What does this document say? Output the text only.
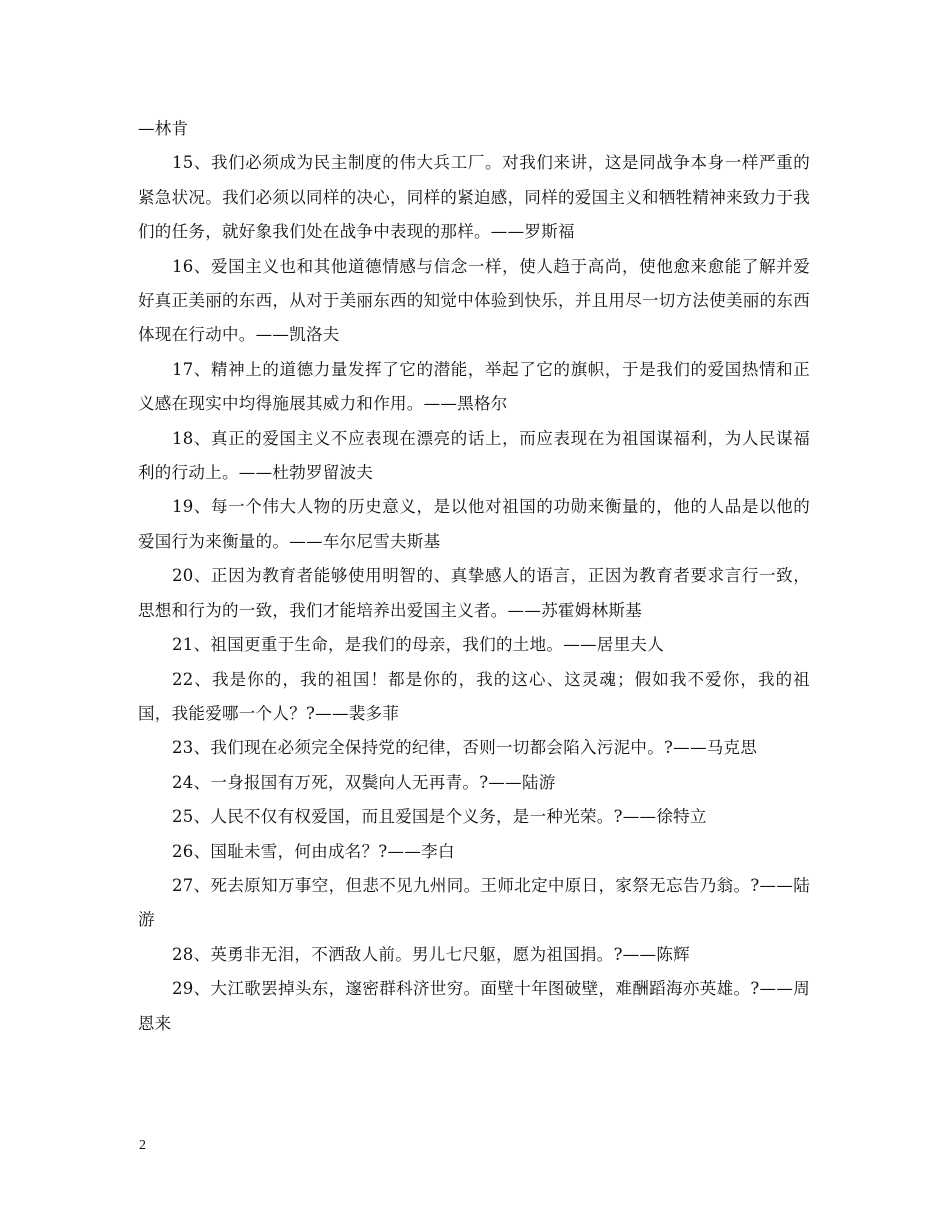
—林肯

15、我们必须成为民主制度的伟大兵工厂。对我们来讲，这是同战争本身一样严重的紧急状况。我们必须以同样的决心，同样的紧迫感，同样的爱国主义和牺牲精神来致力于我们的任务，就好象我们处在战争中表现的那样。——罗斯福

16、爱国主义也和其他道德情感与信念一样，使人趋于高尚，使他愈来愈能了解并爱好真正美丽的东西，从对于美丽东西的知觉中体验到快乐，并且用尽一切方法使美丽的东西体现在行动中。——凯洛夫

17、精神上的道德力量发挥了它的潜能，举起了它的旗帜，于是我们的爱国热情和正义感在现实中均得施展其威力和作用。——黑格尔

18、真正的爱国主义不应表现在漂亮的话上，而应表现在为祖国谋福利，为人民谋福利的行动上。——杜勃罗留波夫

19、每一个伟大人物的历史意义，是以他对祖国的功勋来衡量的，他的人品是以他的爱国行为来衡量的。——车尔尼雪夫斯基

20、正因为教育者能够使用明智的、真挚感人的语言，正因为教育者要求言行一致，思想和行为的一致，我们才能培养出爱国主义者。——苏霍姆林斯基

21、祖国更重于生命，是我们的母亲，我们的土地。——居里夫人

22、我是你的，我的祖国！都是你的，我的这心、这灵魂；假如我不爱你，我的祖国，我能爱哪一个人？?——裴多菲

23、我们现在必须完全保持党的纪律，否则一切都会陷入污泥中。?——马克思

24、一身报国有万死，双鬓向人无再青。?——陆游

25、人民不仅有权爱国，而且爱国是个义务，是一种光荣。?——徐特立

26、国耻未雪，何由成名？?——李白

27、死去原知万事空，但悲不见九州同。王师北定中原日，家祭无忘告乃翁。?——陆游

28、英勇非无泪，不洒敌人前。男儿七尺躯，愿为祖国捐。?——陈辉

29、大江歌罢掉头东，邃密群科济世穷。面壁十年图破壁，难酬蹈海亦英雄。?——周恩来

2
